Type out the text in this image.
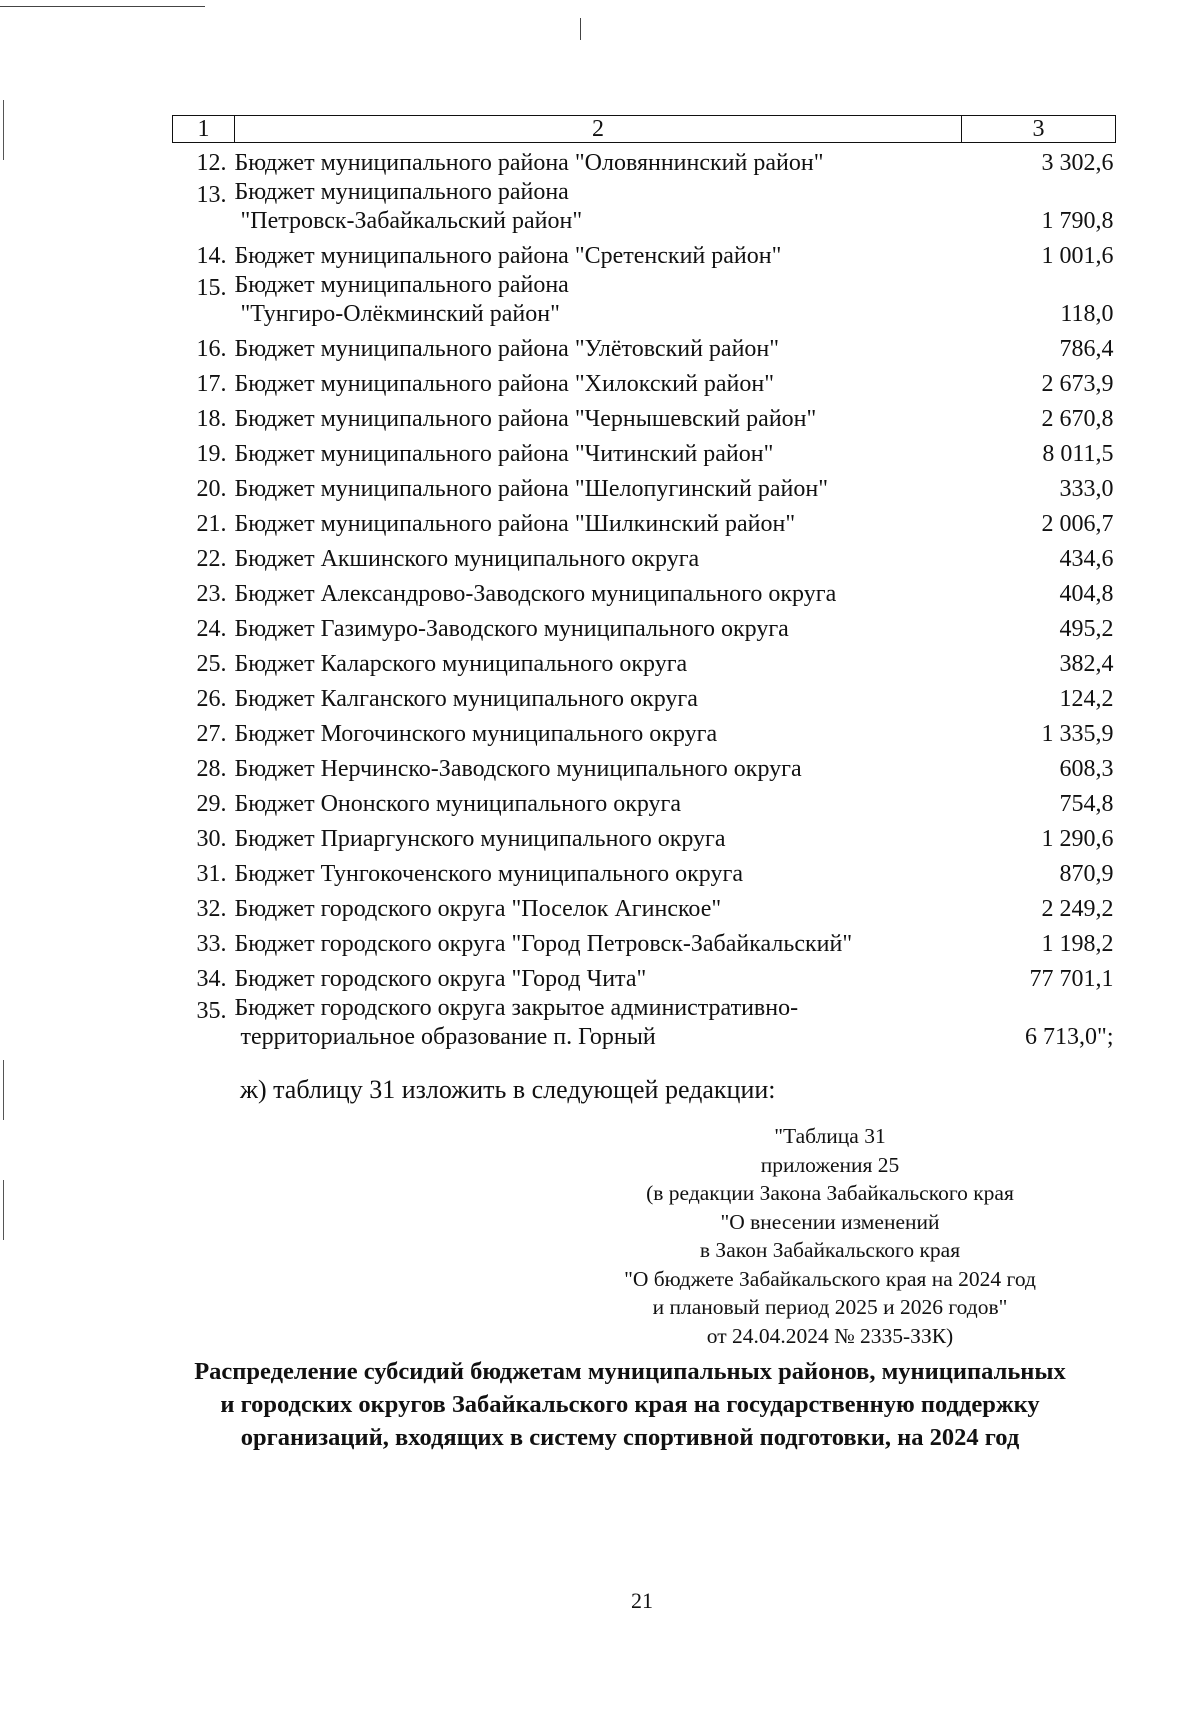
1	2	3
12.	Бюджет муниципального района "Оловяннинский район"	3 302,6
13.	Бюджет муниципального района
"Петровск-Забайкальский район"	1 790,8
14.	Бюджет муниципального района "Сретенский район"	1 001,6
15.	Бюджет муниципального района
"Тунгиро-Олёкминский район"	118,0
16.	Бюджет муниципального района "Улётовский район"	786,4
17.	Бюджет муниципального района "Хилокский район"	2 673,9
18.	Бюджет муниципального района "Чернышевский район"	2 670,8
19.	Бюджет муниципального района "Читинский район"	8 011,5
20.	Бюджет муниципального района "Шелопугинский район"	333,0
21.	Бюджет муниципального района "Шилкинский район"	2 006,7
22.	Бюджет Акшинского муниципального округа	434,6
23.	Бюджет Александрово-Заводского муниципального округа	404,8
24.	Бюджет Газимуро-Заводского муниципального округа	495,2
25.	Бюджет Каларского муниципального округа	382,4
26.	Бюджет Калганского муниципального округа	124,2
27.	Бюджет Могочинского муниципального округа	1 335,9
28.	Бюджет Нерчинско-Заводского муниципального округа	608,3
29.	Бюджет Ононского муниципального округа	754,8
30.	Бюджет Приаргунского муниципального округа	1 290,6
31.	Бюджет Тунгокоченского муниципального округа	870,9
32.	Бюджет городского округа "Поселок Агинское"	2 249,2
33.	Бюджет городского округа "Город Петровск-Забайкальский"	1 198,2
34.	Бюджет городского округа "Город Чита"	77 701,1
35.	Бюджет городского округа закрытое административно-
территориальное образование п. Горный	6 713,0";
ж) таблицу 31 изложить в следующей редакции:
"Таблица 31
приложения 25
(в редакции Закона Забайкальского края
"О внесении изменений
в Закон Забайкальского края
"О бюджете Забайкальского края на 2024 год
и плановый период 2025 и 2026 годов"
от 24.04.2024 № 2335-ЗЗК)
Распределение субсидий бюджетам муниципальных районов, муниципальных
и городских округов Забайкальского края на государственную поддержку
организаций, входящих в систему спортивной подготовки, на 2024 год
21
